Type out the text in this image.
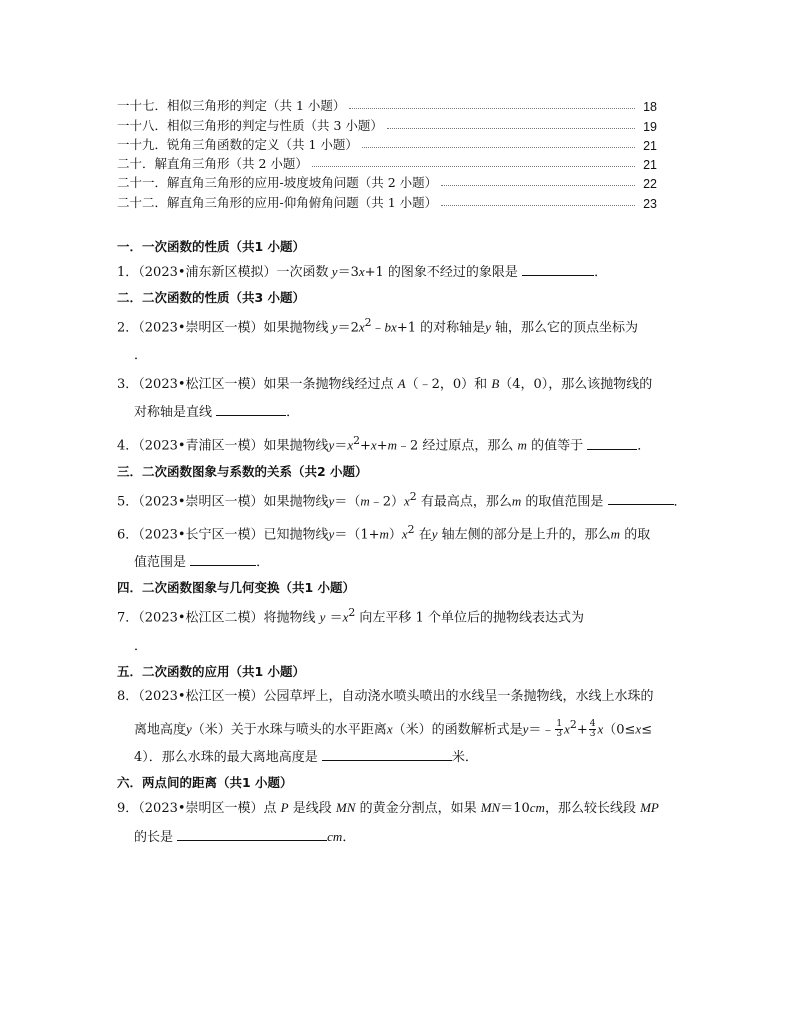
一十七．相似三角形的判定（共 1 小题）	18
一十八．相似三角形的判定与性质（共 3 小题）	19
一十九．锐角三角函数的定义（共 1 小题）	21
二十．解直角三角形（共 2 小题）	21
二十一．解直角三角形的应用-坡度坡角问题（共 2 小题）	22
二十二．解直角三角形的应用-仰角俯角问题（共 1 小题）	23
一．一次函数的性质（共1 小题）
1．（2023•浦东新区模拟）一次函数 y＝3x+1 的图象不经过的象限是	．
二．二次函数的性质（共3 小题）
2．（2023•崇明区一模）如果抛物线 $y=2x^2﹣bx+1$ 的对称轴是y 轴，那么它的顶点坐标为
．
3．（2023•松江区一模）如果一条抛物线经过点 A（﹣2，0）和 B（4，0），那么该抛物线的
对称轴是直线	．
4．（2023•青浦区一模）如果抛物线$y=x^2+x+m﹣2$ 经过原点，那么 m 的值等于	．
三．二次函数图象与系数的关系（共2 小题）
5．（2023•崇明区一模）如果抛物线$y=(m﹣2)x^2$ 有最高点，那么m 的取值范围是	．
6．（2023•长宁区一模）已知抛物线$y=(1+m)x^2$ 在y 轴左侧的部分是上升的，那么m 的取
值范围是	．
四．二次函数图象与几何变换（共1 小题）
7．（2023•松江区二模）将抛物线 $y =x^2$ 向左平移 1 个单位后的抛物线表达式为
．
五．二次函数的应用（共1 小题）
8．（2023•松江区一模）公园草坪上，自动浇水喷头喷出的水线呈一条抛物线，水线上水珠的
离地高度y（米）关于水珠与喷头的水平距离x（米）的函数解析式是y＝﹣ $\frac{1}{3} x^2+ \frac{4}{3} x(0\le x\le$
4）．那么水珠的最大离地高度是	米．
六．两点间的距离（共1 小题）
9．（2023•崇明区一模）点 P 是线段 MN 的黄金分割点，如果 MN＝10cm，那么较长线段 MP
的长是	cm．
